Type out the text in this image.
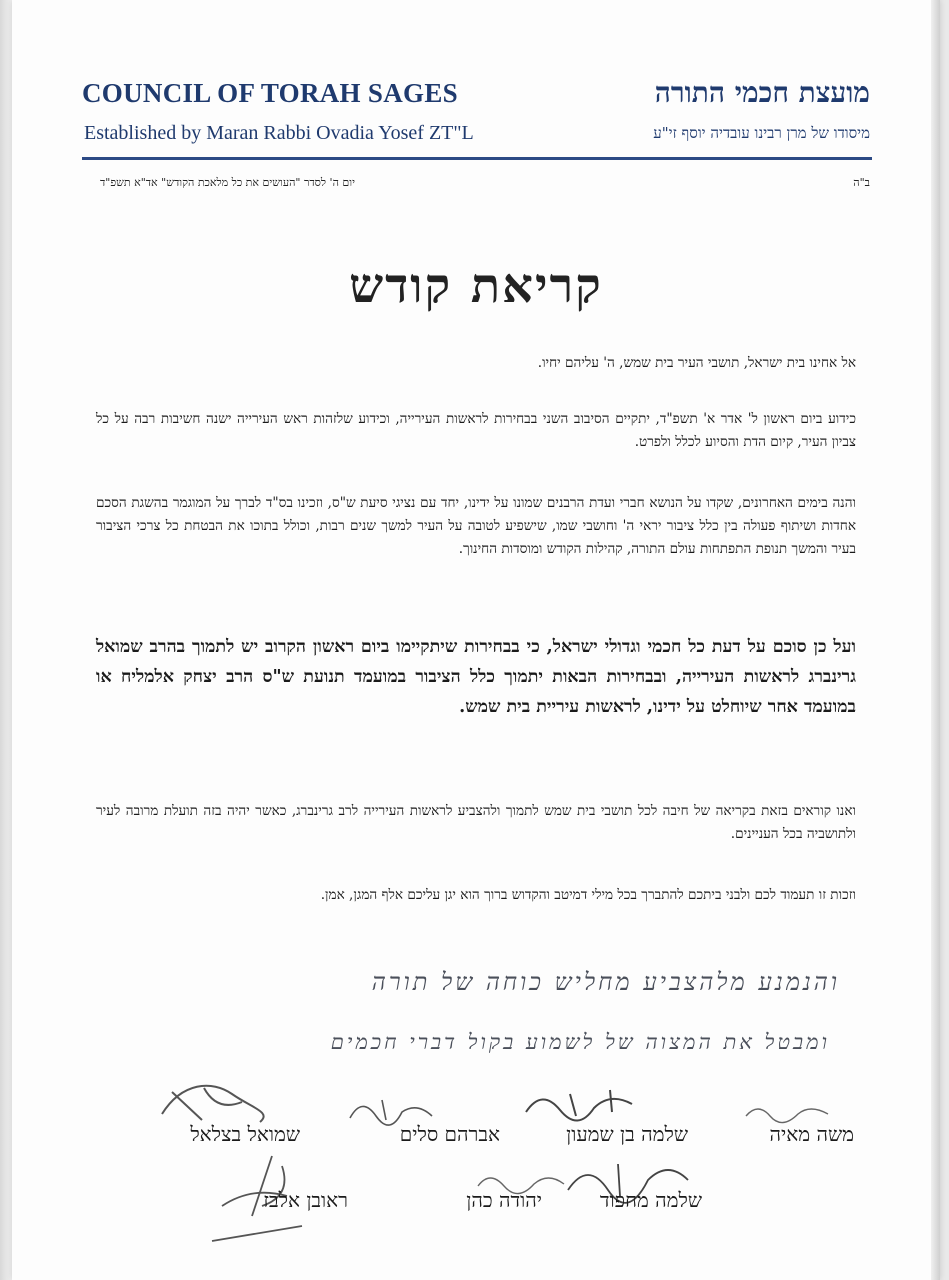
COUNCIL OF TORAH SAGES
Established by Maran Rabbi Ovadia Yosef ZT"L
מועצת חכמי התורה
מיסודו של מרן רבינו עובדיה יוסף זי"ע
ב"ה
יום ה' לסדר "העושים את כל מלאכת הקודש" אד"א תשפ"ד
קריאת קודש
אל אחינו בית ישראל, תושבי העיר בית שמש, ה' עליהם יחיו.
כידוע ביום ראשון ל' אדר א' תשפ"ד, יתקיים הסיבוב השני בבחירות לראשות העירייה, וכידוע שלזהות ראש העירייה ישנה חשיבות רבה על כל צביון העיר, קיום הדת והסיוע לכלל ולפרט.
והנה בימים האחרונים, שקדו על הנושא חברי ועדת הרבנים שמונו על ידינו, יחד עם נציגי סיעת ש"ס, וזכינו בס"ד לברך על המוגמר בהשגת הסכם אחדות ושיתוף פעולה בין כלל ציבור יראי ה' וחושבי שמו, שישפיע לטובה על העיר למשך שנים רבות, וכולל בתוכו את הבטחת כל צרכי הציבור בעיר והמשך תנופת התפתחות עולם התורה, קהילות הקודש ומוסדות החינוך.
ועל כן סוכם על דעת כל חכמי וגדולי ישראל, כי בבחירות שיתקיימו ביום ראשון הקרוב יש לתמוך בהרב שמואל גרינברג לראשות העירייה, ובבחירות הבאות יתמוך כלל הציבור במועמד תנועת ש"ס הרב יצחק אלמליח או במועמד אחר שיוחלט על ידינו, לראשות עיריית בית שמש.
ואנו קוראים בזאת בקריאה של חיבה לכל תושבי בית שמש לתמוך ולהצביע לראשות העירייה לרב גרינברג, כאשר יהיה בזה תועלת מרובה לעיר ולתושביה בכל העניינים.
וזכות זו תעמוד לכם ולבני ביתכם להתברך בכל מילי דמיטב והקדוש ברוך הוא יגן עליכם אלף המגן, אמן.
והנמנע מלהצביע מחליש כוחה של תורה
ומבטל את המצוה של לשמוע בקול דברי חכמים
משה מאיה
שלמה בן שמעון
אברהם סלים
שמואל בצלאל
שלמה מחפוד
יהודה כהן
ראובן אלבז
